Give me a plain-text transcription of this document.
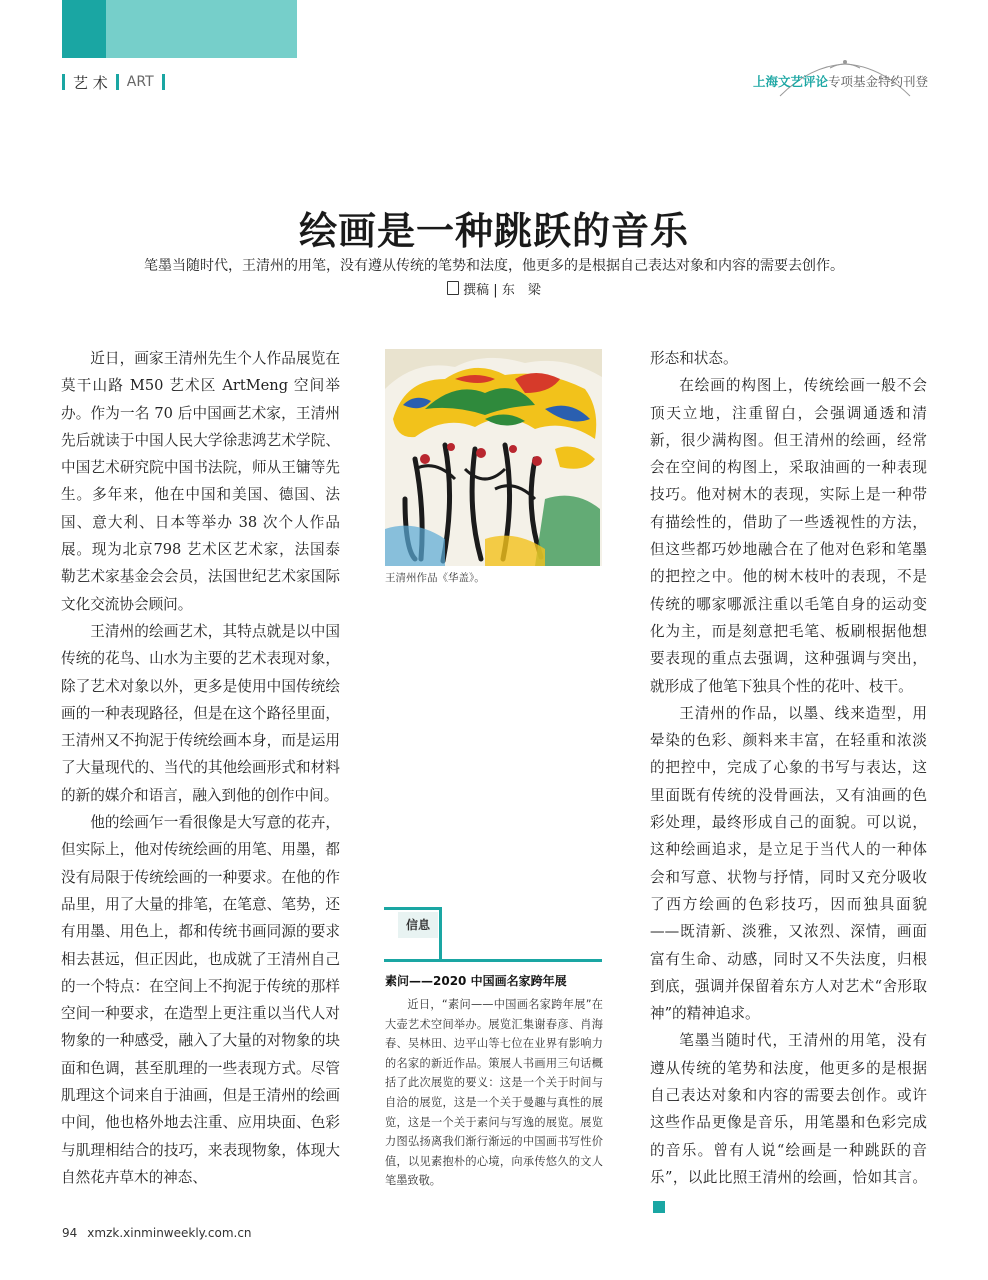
艺 术 ART	上海文艺评论专项基金特约刊登
绘画是一种跳跃的音乐
笔墨当随时代，王清州的用笔，没有遵从传统的笔势和法度，他更多的是根据自己表达对象和内容的需要去创作。
撰稿 | 东　梁

近日，画家王清州先生个人作品展览在莫干山路 M50 艺术区 ArtMeng 空间举办。作为一名 70 后中国画艺术家，王清州先后就读于中国人民大学徐悲鸿艺术学院、中国艺术研究院中国书法院，师从王镛等先生。多年来，他在中国和美国、德国、法国、意大利、日本等举办 38 次个人作品展。现为北京798 艺术区艺术家，法国泰勒艺术家基金会会员，法国世纪艺术家国际文化交流协会顾问。

王清州的绘画艺术，其特点就是以中国传统的花鸟、山水为主要的艺术表现对象，除了艺术对象以外，更多是使用中国传统绘画的一种表现路径，但是在这个路径里面，王清州又不拘泥于传统绘画本身，而是运用了大量现代的、当代的其他绘画形式和材料的新的媒介和语言，融入到他的创作中间。

他的绘画乍一看很像是大写意的花卉，但实际上，他对传统绘画的用笔、用墨，都没有局限于传统绘画的一种要求。在他的作品里，用了大量的排笔，在笔意、笔势，还有用墨、用色上，都和传统书画同源的要求相去甚远，但正因此，也成就了王清州自己的一个特点：在空间上不拘泥于传统的那样空间一种要求，在造型上更注重以当代人对物象的一种感受，融入了大量的对物象的块面和色调，甚至肌理的一些表现方式。尽管肌理这个词来自于油画，但是王清州的绘画中间，他也格外地去注重、应用块面、色彩与肌理相结合的技巧，来表现物象，体现大自然花卉草木的神态、

王清州作品《华盖》。
信息
素问——2020 中国画名家跨年展
近日，“素问——中国画名家跨年展”在大壶艺术空间举办。展览汇集谢春彦、肖海春、吴林田、边平山等七位在业界有影响力的名家的新近作品。策展人书画用三句话概括了此次展览的要义：这是一个关于时间与自洽的展览，这是一个关于曼趣与真性的展览，这是一个关于素问与写逸的展览。展览力图弘扬离我们渐行渐远的中国画书写性价值，以见素抱朴的心境，向承传悠久的文人笔墨致敬。

形态和状态。

在绘画的构图上，传统绘画一般不会顶天立地，注重留白，会强调通透和清新，很少满构图。但王清州的绘画，经常会在空间的构图上，采取油画的一种表现技巧。他对树木的表现，实际上是一种带有描绘性的，借助了一些透视性的方法，但这些都巧妙地融合在了他对色彩和笔墨的把控之中。他的树木枝叶的表现，不是传统的哪家哪派注重以毛笔自身的运动变化为主，而是刻意把毛笔、板刷根据他想要表现的重点去强调，这种强调与突出，就形成了他笔下独具个性的花叶、枝干。

王清州的作品，以墨、线来造型，用晕染的色彩、颜料来丰富，在轻重和浓淡的把控中，完成了心象的书写与表达，这里面既有传统的没骨画法，又有油画的色彩处理，最终形成自己的面貌。可以说，这种绘画追求，是立足于当代人的一种体会和写意、状物与抒情，同时又充分吸收了西方绘画的色彩技巧，因而独具面貌——既清新、淡雅，又浓烈、深情，画面富有生命、动感，同时又不失法度，归根到底，强调并保留着东方人对艺术“舍形取神”的精神追求。

笔墨当随时代，王清州的用笔，没有遵从传统的笔势和法度，他更多的是根据自己表达对象和内容的需要去创作。或许这些作品更像是音乐，用笔墨和色彩完成的音乐。曾有人说“绘画是一种跳跃的音乐”，以此比照王清州的绘画，恰如其言。R

94 xmzk.xinminweekly.com.cn
